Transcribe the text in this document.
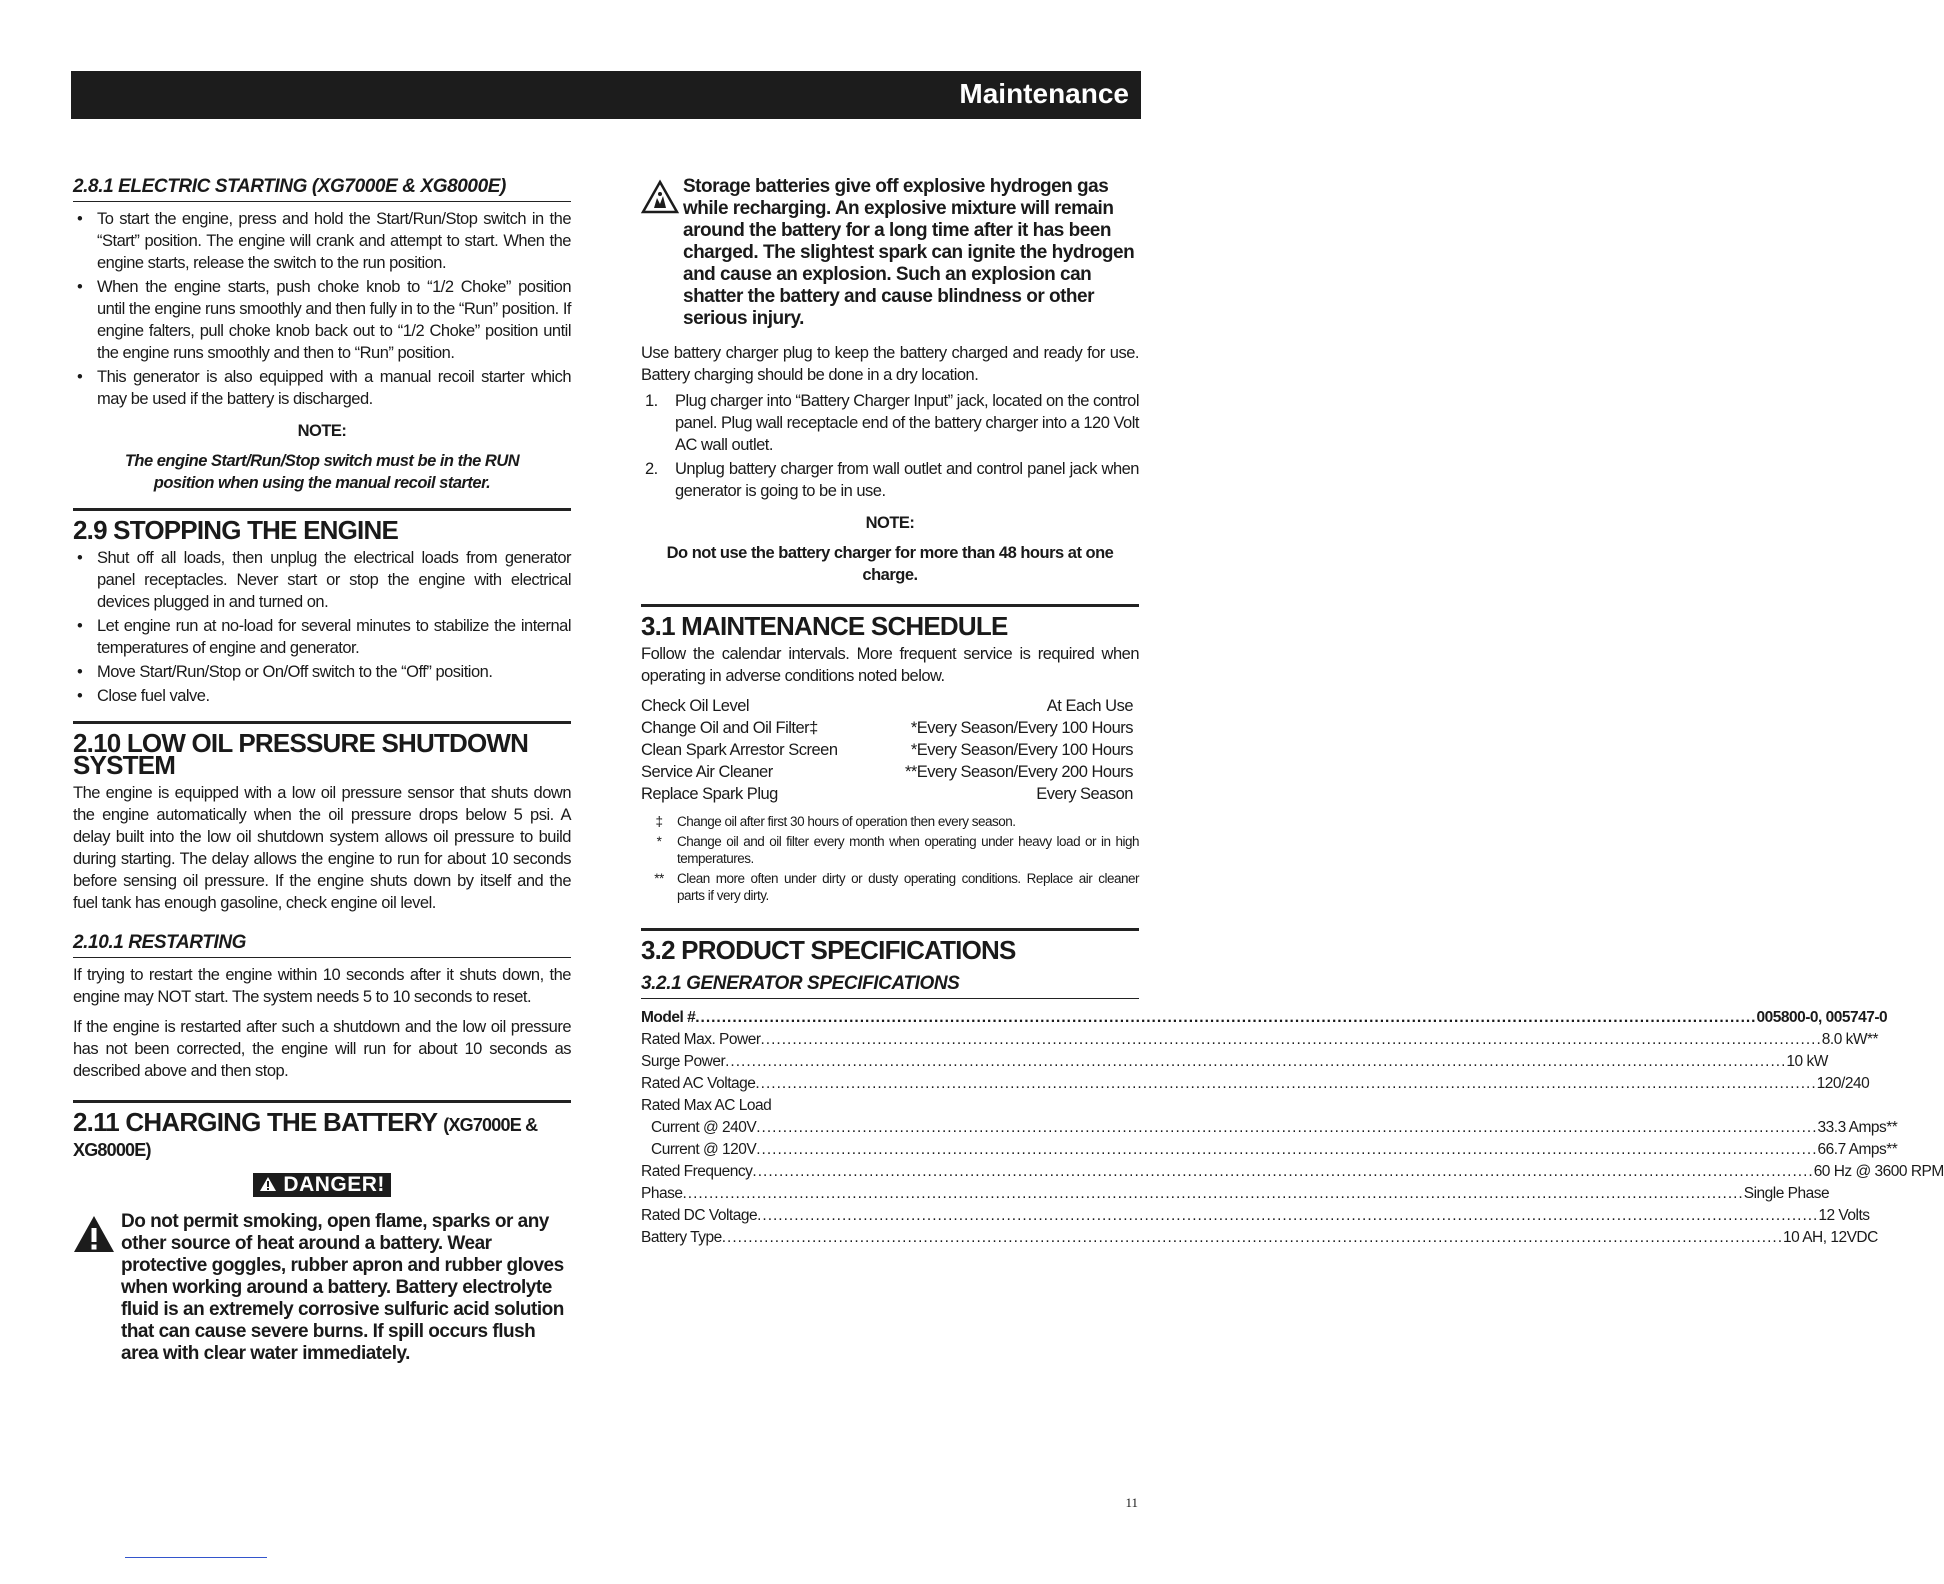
Maintenance
2.8.1 ELECTRIC STARTING (XG7000E & XG8000E)
• To start the engine, press and hold the Start/Run/Stop switch in the “Start” position. The engine will crank and attempt to start. When the engine starts, release the switch to the run position.
• When the engine starts, push choke knob to “1/2 Choke” position until the engine runs smoothly and then fully in to the “Run” position. If engine falters, pull choke knob back out to “1/2 Choke” position until the engine runs smoothly and then to “Run” position.
• This generator is also equipped with a manual recoil starter which may be used if the battery is discharged.
NOTE:
The engine Start/Run/Stop switch must be in the RUN position when using the manual recoil starter.
2.9 STOPPING THE ENGINE
• Shut off all loads, then unplug the electrical loads from generator panel receptacles. Never start or stop the engine with electrical devices plugged in and turned on.
• Let engine run at no-load for several minutes to stabilize the internal temperatures of engine and generator.
• Move Start/Run/Stop or On/Off switch to the “Off” position.
• Close fuel valve.
2.10 LOW OIL PRESSURE SHUTDOWN SYSTEM

The engine is equipped with a low oil pressure sensor that shuts down the engine automatically when the oil pressure drops below 5 psi. A delay built into the low oil shutdown system allows oil pressure to build during starting. The delay allows the engine to run for about 10 seconds before sensing oil pressure. If the engine shuts down by itself and the fuel tank has enough gasoline, check engine oil level.

2.10.1 RESTARTING

If trying to restart the engine within 10 seconds after it shuts down, the engine may NOT start. The system needs 5 to 10 seconds to reset.

If the engine is restarted after such a shutdown and the low oil pressure has not been corrected, the engine will run for about 10 seconds as described above and then stop.

2.11 CHARGING THE BATTERY (XG7000E & XG8000E)
DANGER!
Do not permit smoking, open flame, sparks or any other source of heat around a battery. Wear protective goggles, rubber apron and rubber gloves when working around a battery. Battery electrolyte fluid is an extremely corrosive sulfuric acid solution that can cause severe burns. If spill occurs flush area with clear water immediately.
Storage batteries give off explosive hydrogen gas while recharging. An explosive mixture will remain around the battery for a long time after it has been charged. The slightest spark can ignite the hydrogen and cause an explosion. Such an explosion can shatter the battery and cause blindness or other serious injury.

Use battery charger plug to keep the battery charged and ready for use. Battery charging should be done in a dry location.

1. Plug charger into “Battery Charger Input” jack, located on the control panel. Plug wall receptacle end of the battery charger into a 120 Volt AC wall outlet.
2. Unplug battery charger from wall outlet and control panel jack when generator is going to be in use.
NOTE:
Do not use the battery charger for more than 48 hours at one charge.
3.1 MAINTENANCE SCHEDULE

Follow the calendar intervals. More frequent service is required when operating in adverse conditions noted below.

Check Oil Level	At Each Use
Change Oil and Oil Filter‡	*Every Season/Every 100 Hours
Clean Spark Arrestor Screen	*Every Season/Every 100 Hours
Service Air Cleaner	**Every Season/Every 200 Hours
Replace Spark Plug	Every Season
‡	Change oil after first 30 hours of operation then every season.
*	Change oil and oil filter every month when operating under heavy load or in high temperatures.
** Clean more often under dirty or dusty operating conditions. Replace air cleaner parts if very dirty.
3.2 PRODUCT SPECIFICATIONS
3.2.1 GENERATOR SPECIFICATIONS
Model # ........................................................................................................................................................................................................ 005800-0, 005747-0
Rated Max. Power ........................................................................................................................................................................................................ 8.0 kW**
Surge Power ........................................................................................................................................................................................................ 10 kW
Rated AC Voltage ........................................................................................................................................................................................................ 120/240
Rated Max AC Load
Current @ 240V ........................................................................................................................................................................................................ 33.3 Amps**
Current @ 120V ........................................................................................................................................................................................................ 66.7 Amps**
Rated Frequency ........................................................................................................................................................................................................ 60 Hz @ 3600 RPM
Phase ........................................................................................................................................................................................................ Single Phase
Rated DC Voltage ........................................................................................................................................................................................................ 12 Volts
Battery Type ........................................................................................................................................................................................................ 10 AH, 12VDC
11
